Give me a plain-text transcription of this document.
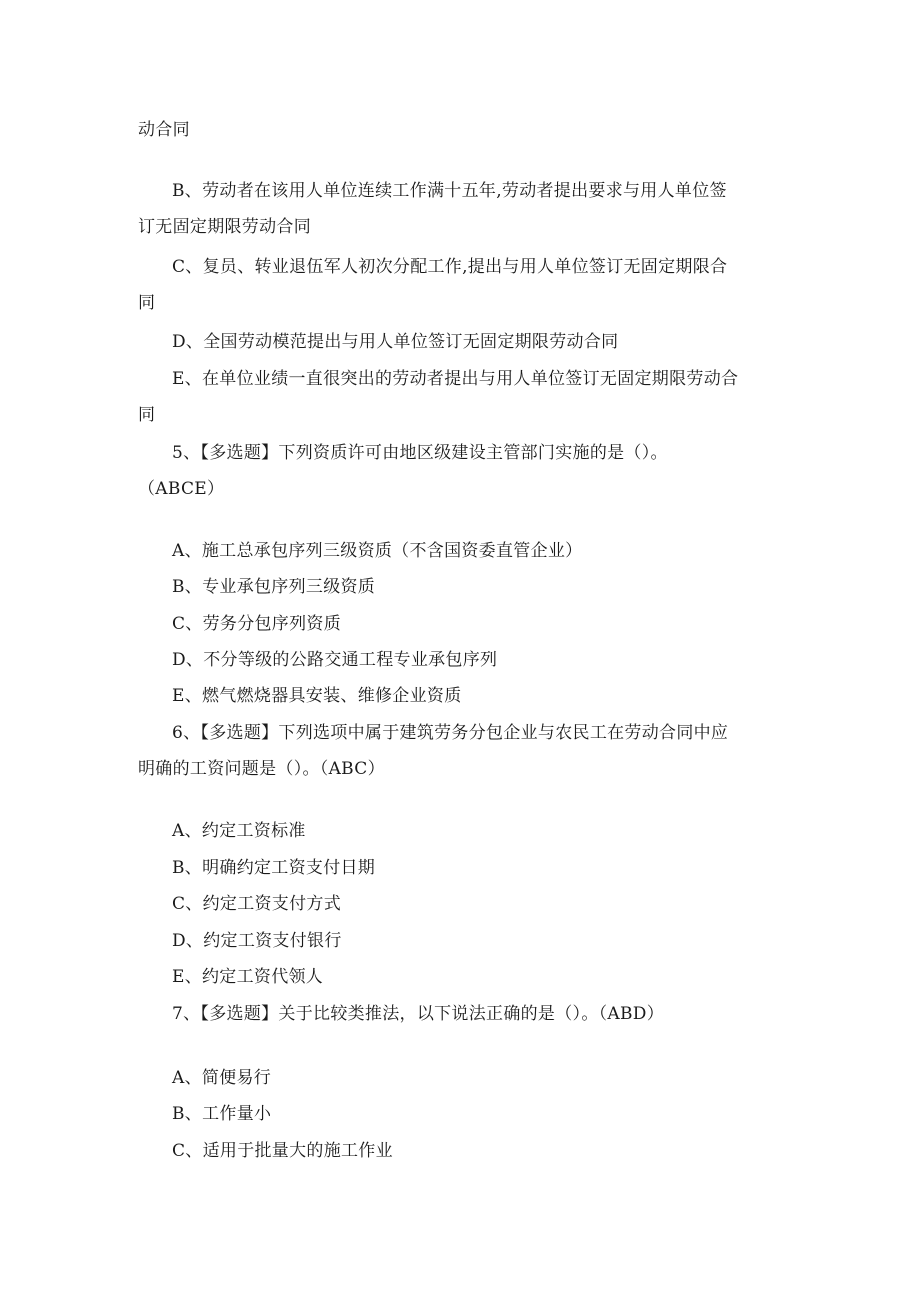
动合同
B、劳动者在该用人单位连续工作满十五年,劳动者提出要求与用人单位签
订无固定期限劳动合同
C、复员、转业退伍军人初次分配工作,提出与用人单位签订无固定期限合
同
D、全国劳动模范提出与用人单位签订无固定期限劳动合同
E、在单位业绩一直很突出的劳动者提出与用人单位签订无固定期限劳动合
同
5、【多选题】下列资质许可由地区级建设主管部门实施的是（）。
（ABCE）
A、施工总承包序列三级资质（不含国资委直管企业）
B、专业承包序列三级资质
C、劳务分包序列资质
D、不分等级的公路交通工程专业承包序列
E、燃气燃烧器具安装、维修企业资质
6、【多选题】下列选项中属于建筑劳务分包企业与农民工在劳动合同中应
明确的工资问题是（）。（ABC）
A、约定工资标准
B、明确约定工资支付日期
C、约定工资支付方式
D、约定工资支付银行
E、约定工资代领人
7、【多选题】关于比较类推法，以下说法正确的是（）。（ABD）
A、简便易行
B、工作量小
C、适用于批量大的施工作业
